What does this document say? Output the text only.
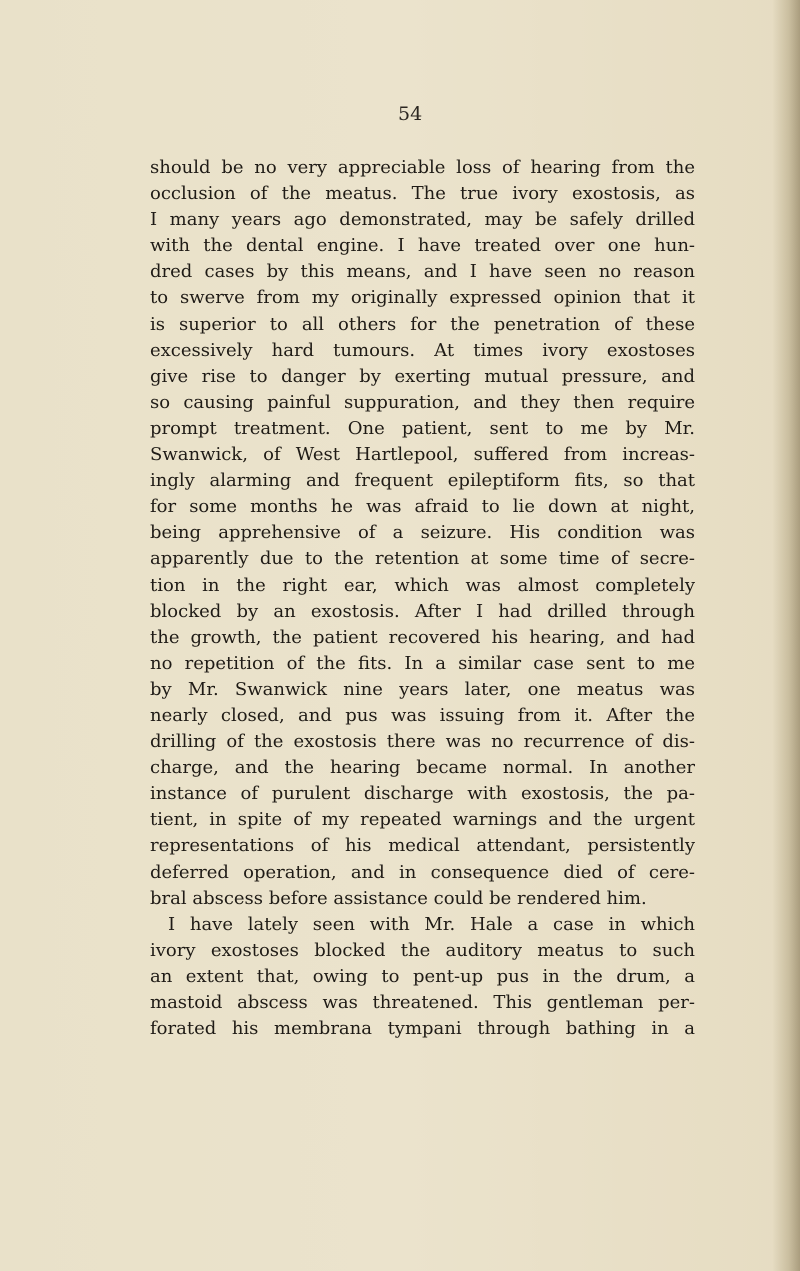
54
should be no very appreciable loss of hearing from the
occlusion of the meatus. The true ivory exostosis, as
I many years ago demonstrated, may be safely drilled
with the dental engine. I have treated over one hun-
dred cases by this means, and I have seen no reason
to swerve from my originally expressed opinion that it
is superior to all others for the penetration of these
excessively hard tumours. At times ivory exostoses
give rise to danger by exerting mutual pressure, and
so causing painful suppuration, and they then require
prompt treatment. One patient, sent to me by Mr.
Swanwick, of West Hartlepool, suffered from increas-
ingly alarming and frequent epileptiform fits, so that
for some months he was afraid to lie down at night,
being apprehensive of a seizure. His condition was
apparently due to the retention at some time of secre-
tion in the right ear, which was almost completely
blocked by an exostosis. After I had drilled through
the growth, the patient recovered his hearing, and had
no repetition of the fits. In a similar case sent to me
by Mr. Swanwick nine years later, one meatus was
nearly closed, and pus was issuing from it. After the
drilling of the exostosis there was no recurrence of dis-
charge, and the hearing became normal. In another
instance of purulent discharge with exostosis, the pa-
tient, in spite of my repeated warnings and the urgent
representations of his medical attendant, persistently
deferred operation, and in consequence died of cere-
bral abscess before assistance could be rendered him.
I have lately seen with Mr. Hale a case in which
ivory exostoses blocked the auditory meatus to such
an extent that, owing to pent-up pus in the drum, a
mastoid abscess was threatened. This gentleman per-
forated his membrana tympani through bathing in a
